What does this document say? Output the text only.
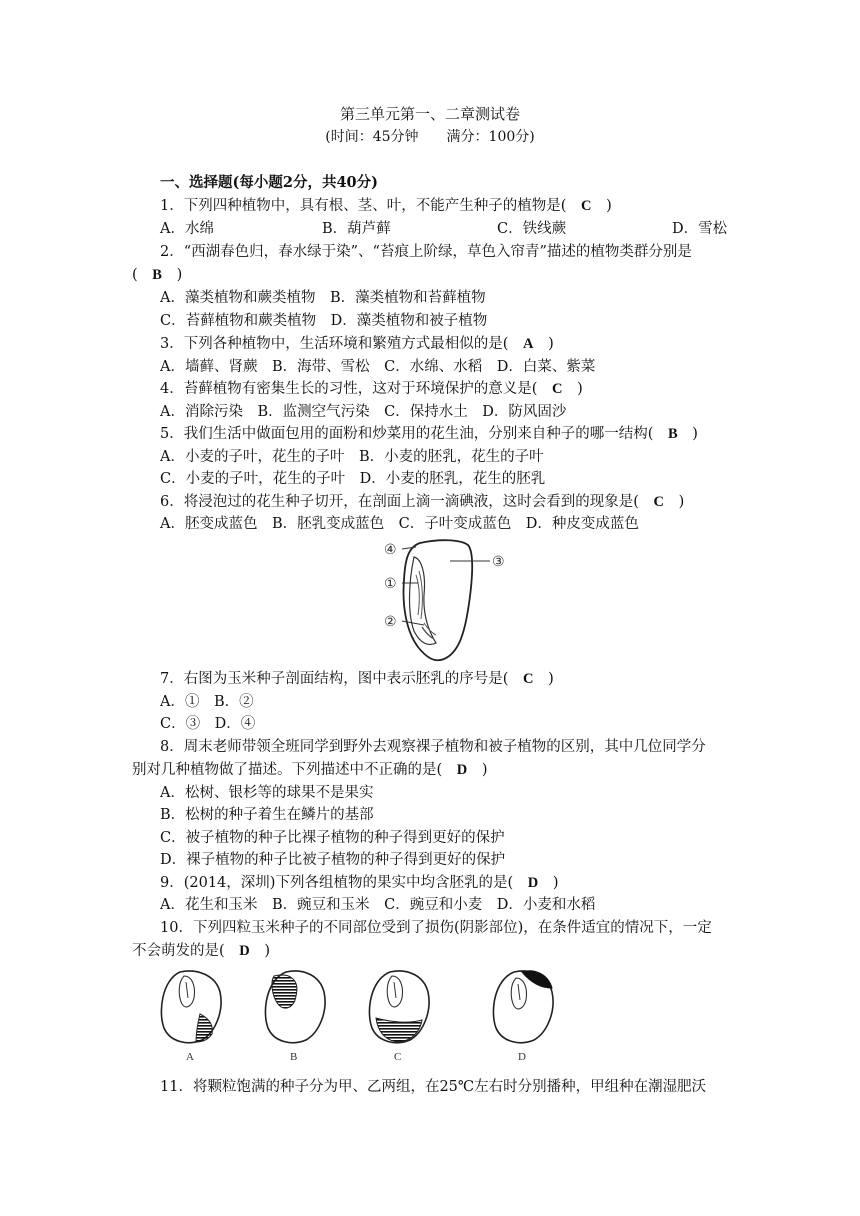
第三单元第一、二章测试卷
(时间：45分钟　　满分：100分)
一、选择题(每小题2分，共40分)
1．下列四种植物中，具有根、茎、叶，不能产生种子的植物是( C )
A．水绵	B．葫芦藓	C．铁线蕨	D．雪松
2．“西湖春色归，春水绿于染”、“苔痕上阶绿，草色入帘青”描述的植物类群分别是
( B )
A．藻类植物和蕨类植物　B．藻类植物和苔藓植物
C．苔藓植物和蕨类植物　D．藻类植物和被子植物
3．下列各种植物中，生活环境和繁殖方式最相似的是( A )
A．墙藓、肾蕨　B．海带、雪松　C．水绵、水稻　D．白菜、紫菜
4．苔藓植物有密集生长的习性，这对于环境保护的意义是( C )
A．消除污染　B．监测空气污染　C．保持水土　D．防风固沙
5．我们生活中做面包用的面粉和炒菜用的花生油，分别来自种子的哪一结构( B )
A．小麦的子叶，花生的子叶　B．小麦的胚乳，花生的子叶
C．小麦的子叶，花生的子叶　D．小麦的胚乳，花生的胚乳
6．将浸泡过的花生种子切开，在剖面上滴一滴碘液，这时会看到的现象是( C )
A．胚变成蓝色　B．胚乳变成蓝色　C．子叶变成蓝色　D．种皮变成蓝色
④
①
②
③
7．右图为玉米种子剖面结构，图中表示胚乳的序号是( C )
A．①　B．②
C．③　D．④
8．周末老师带领全班同学到野外去观察裸子植物和被子植物的区别，其中几位同学分
别对几种植物做了描述。下列描述中不正确的是( D )
A．松树、银杉等的球果不是果实
B．松树的种子着生在鳞片的基部
C．被子植物的种子比裸子植物的种子得到更好的保护
D．裸子植物的种子比被子植物的种子得到更好的保护
9．(2014，深圳)下列各组植物的果实中均含胚乳的是( D )
A．花生和玉米　B．豌豆和玉米　C．豌豆和小麦　D．小麦和水稻
10．下列四粒玉米种子的不同部位受到了损伤(阴影部位)，在条件适宜的情况下，一定
不会萌发的是( D )
A	B	C	D
11．将颗粒饱满的种子分为甲、乙两组，在25℃左右时分别播种，甲组种在潮湿肥沃
